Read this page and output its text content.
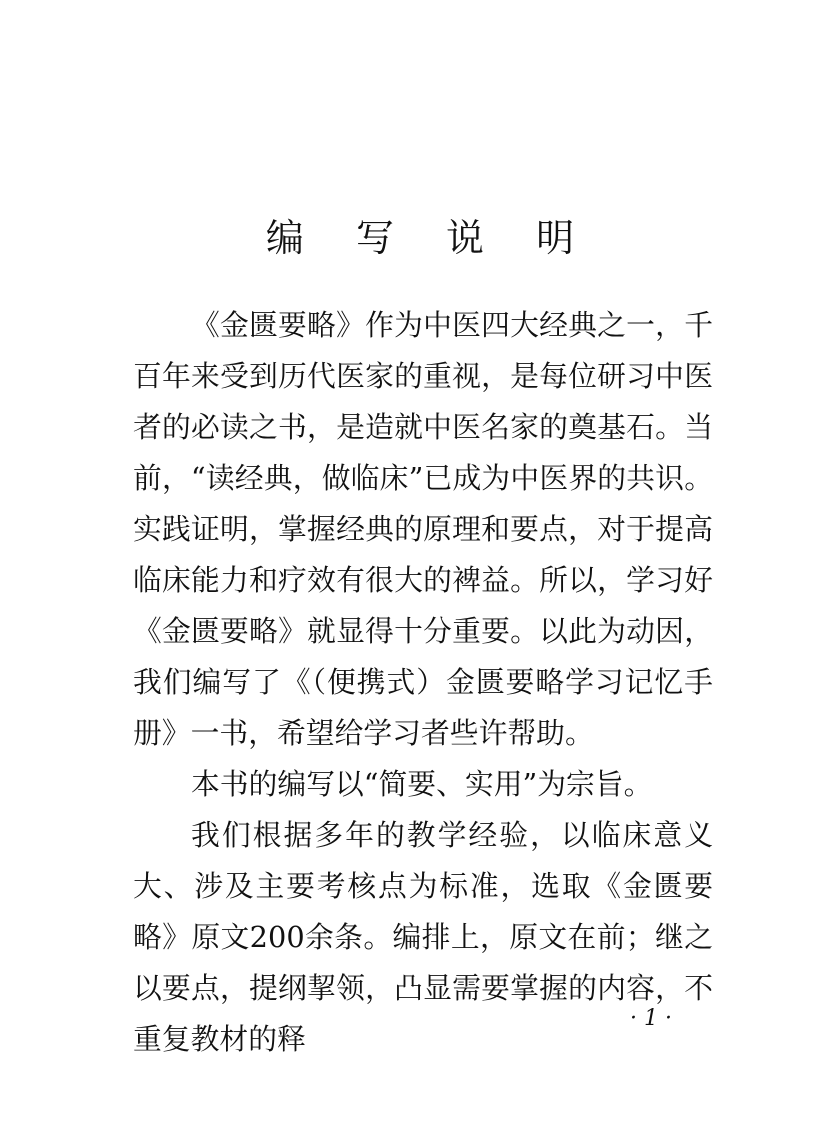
编 写 说 明

《金匮要略》作为中医四大经典之一，千百年来受到历代医家的重视，是每位研习中医者的必读之书，是造就中医名家的奠基石。当前，“读经典，做临床”已成为中医界的共识。实践证明，掌握经典的原理和要点，对于提高临床能力和疗效有很大的裨益。所以，学习好《金匮要略》就显得十分重要。以此为动因，我们编写了《（便携式）金匮要略学习记忆手册》一书，希望给学习者些许帮助。

本书的编写以“简要、实用”为宗旨。

我们根据多年的教学经验，以临床意义大、涉及主要考核点为标准，选取《金匮要略》原文200余条。编排上，原文在前；继之以要点，提纲挈领，凸显需要掌握的内容，不重复教材的释

· 1 ·
